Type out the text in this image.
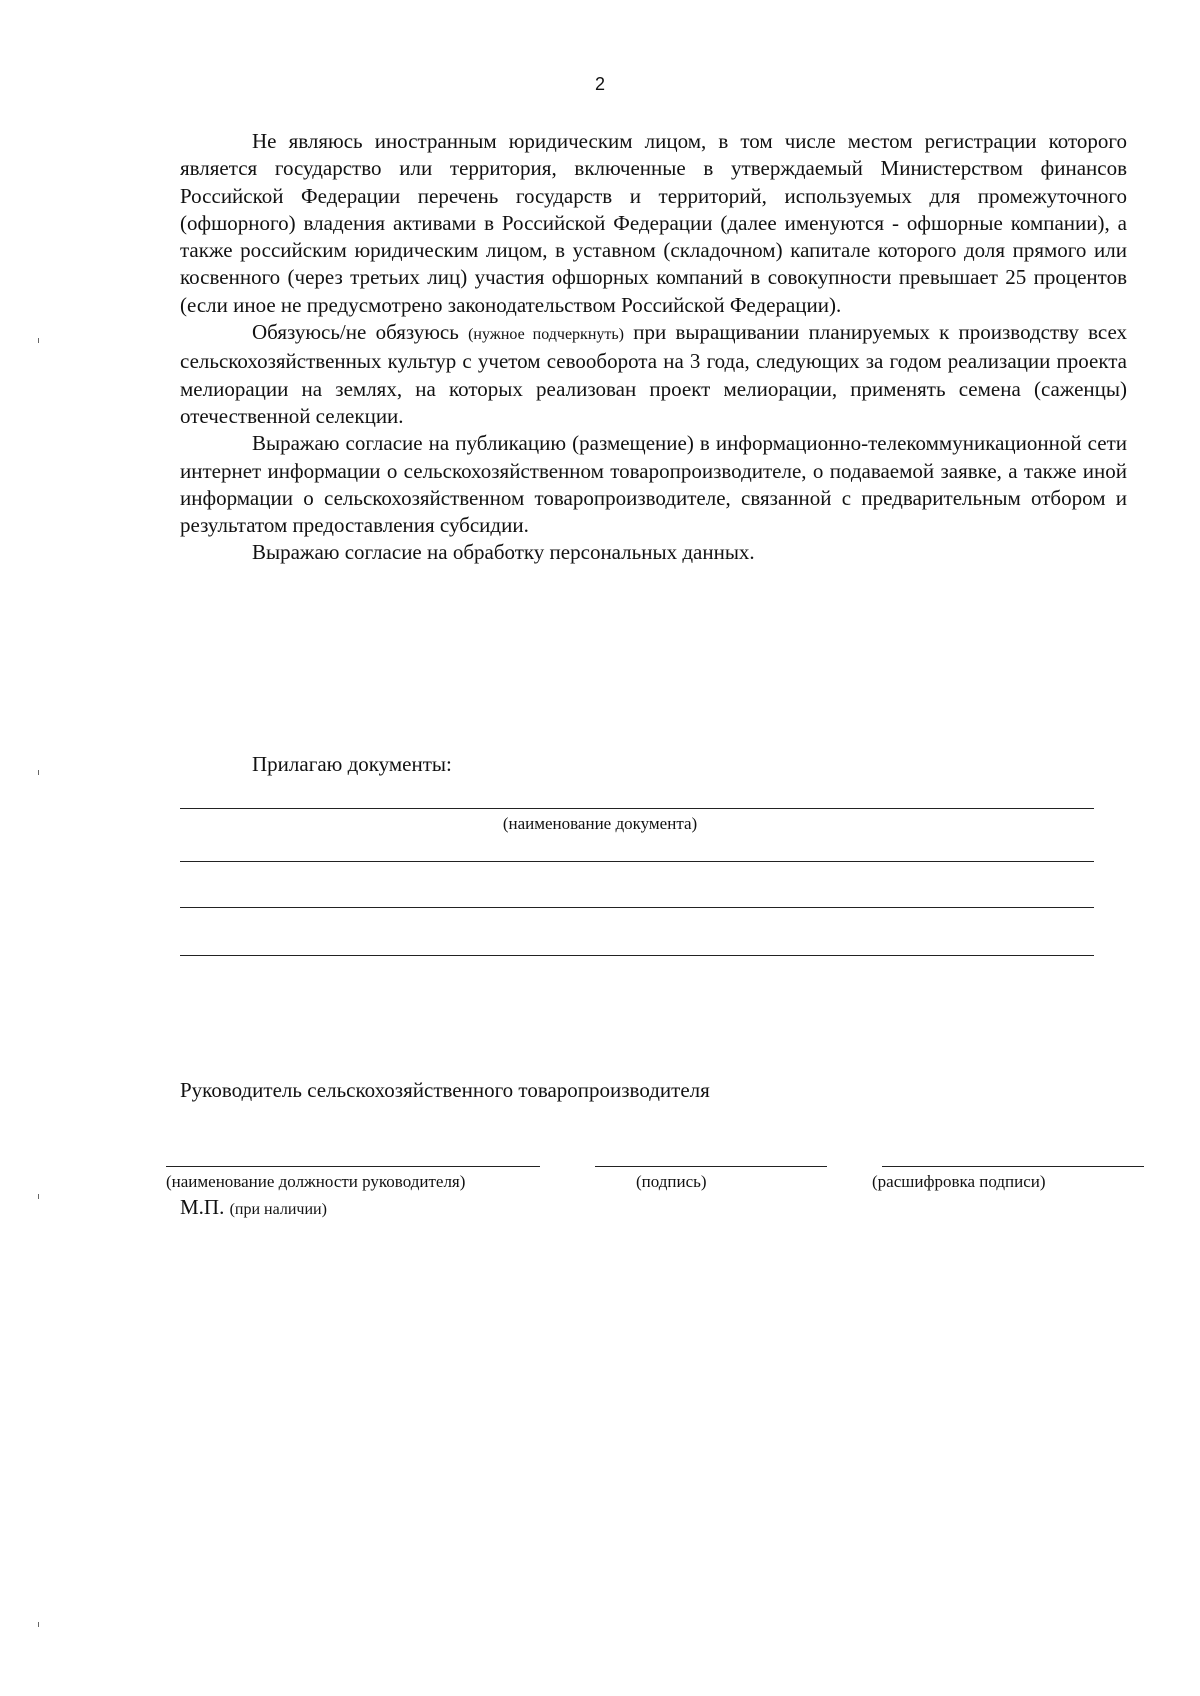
2

Не являюсь иностранным юридическим лицом, в том числе местом регистрации которого является государство или территория, включенные в утверждаемый Министерством финансов Российской Федерации перечень государств и территорий, используемых для промежуточного (офшорного) владения активами в Российской Федерации (далее именуются - офшорные компании), а также российским юридическим лицом, в уставном (складочном) капитале которого доля прямого или косвенного (через третьих лиц) участия офшорных компаний в совокупности превышает 25 процентов (если иное не предусмотрено законодательством Российской Федерации).

Обязуюсь/не обязуюсь (нужное подчеркнуть) при выращивании планируемых к производству всех сельскохозяйственных культур с учетом севооборота на 3 года, следующих за годом реализации проекта мелиорации на землях, на которых реализован проект мелиорации, применять семена (саженцы) отечественной селекции.

Выражаю согласие на публикацию (размещение) в информационно-телекоммуникационной сети интернет информации о сельскохозяйственном товаропроизводителе, о подаваемой заявке, а также иной информации о сельскохозяйственном товаропроизводителе, связанной с предварительным отбором и результатом предоставления субсидии.

Выражаю согласие на обработку персональных данных.

Прилагаю документы:
(наименование документа)
Руководитель сельскохозяйственного товаропроизводителя
(наименование должности руководителя)	(подпись)	(расшифровка подписи)
М.П. (при наличии)
